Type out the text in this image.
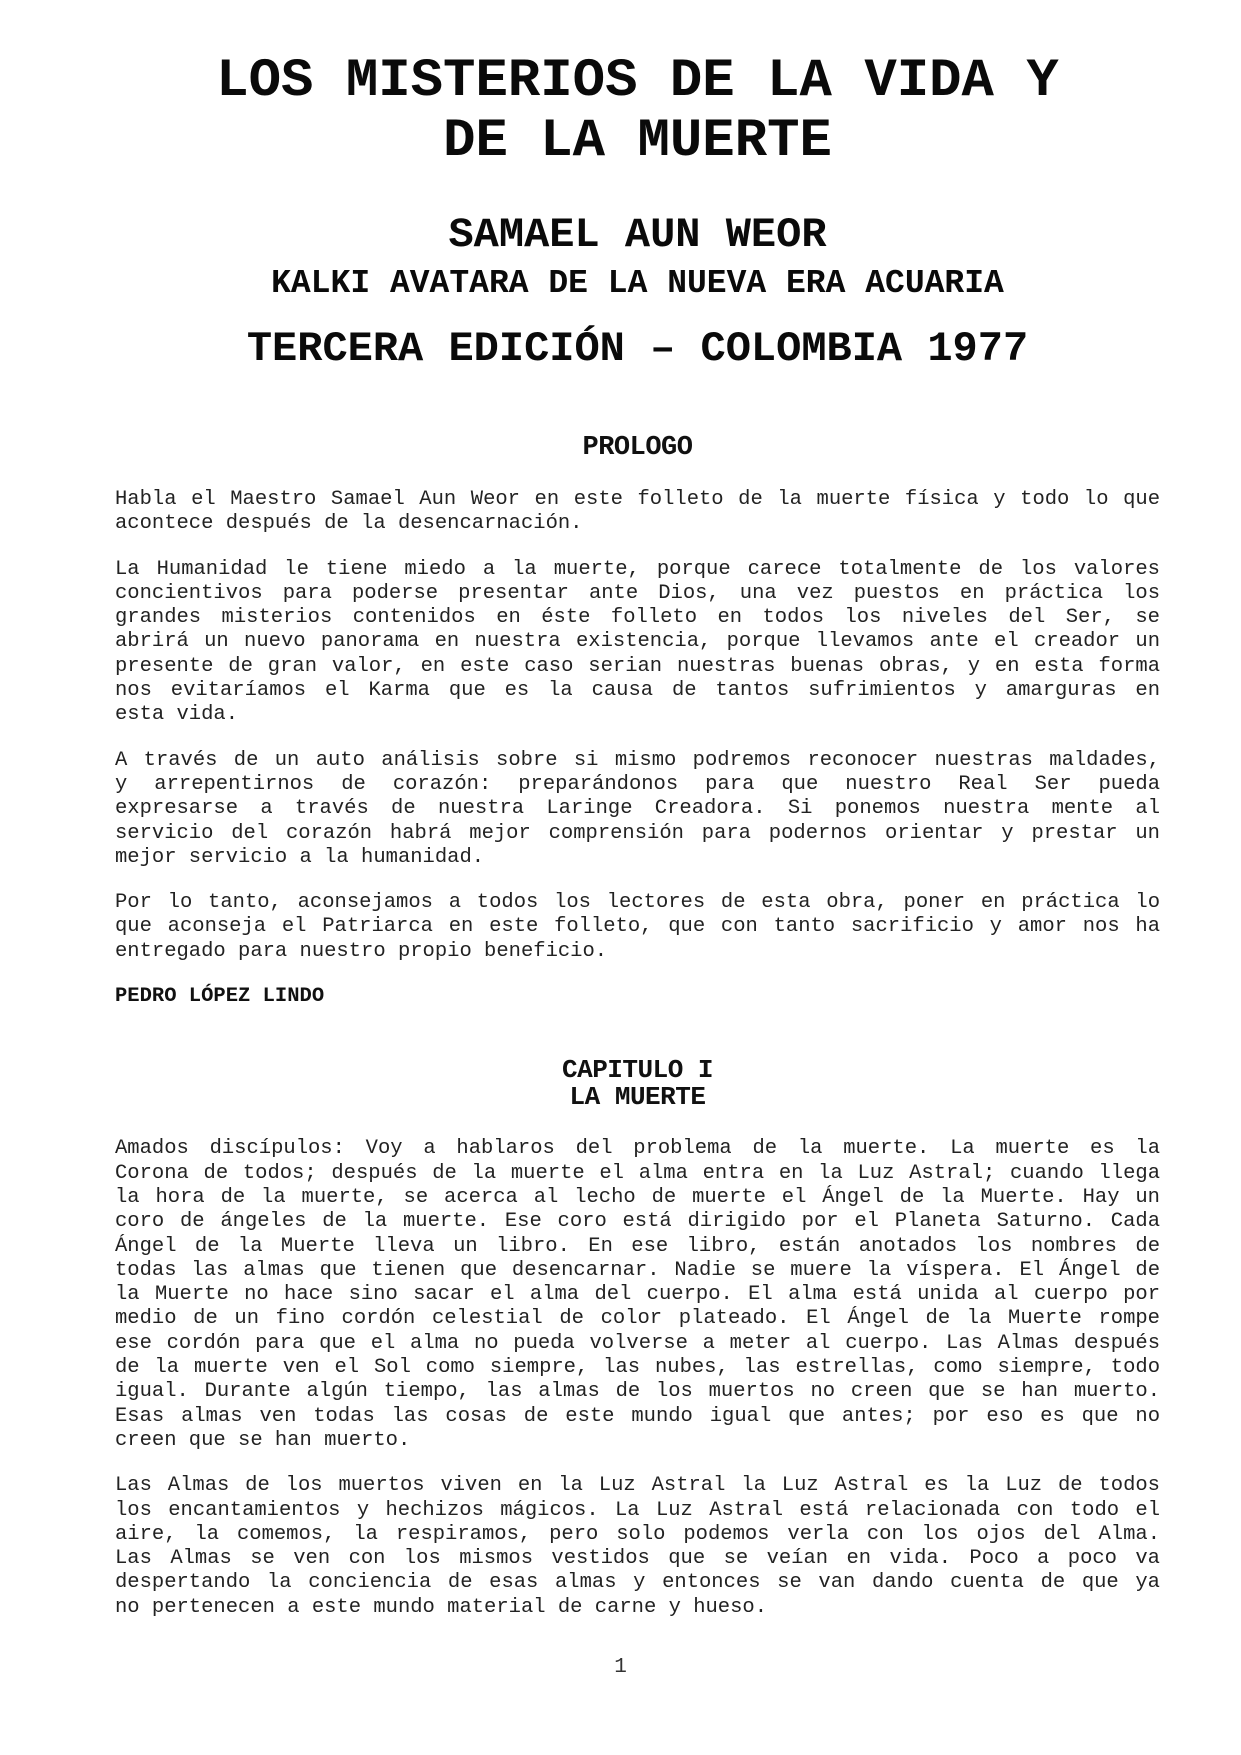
LOS MISTERIOS DE LA VIDA Y
DE LA MUERTE
SAMAEL AUN WEOR
KALKI AVATARA DE LA NUEVA ERA ACUARIA
TERCERA EDICIÓN – COLOMBIA 1977
PROLOGO
Habla el Maestro Samael Aun Weor en este folleto de la muerte física y todo lo que
acontece después de la desencarnación.
La Humanidad le tiene miedo a la muerte, porque carece totalmente de los valores
concientivos para poderse presentar ante Dios, una vez puestos en práctica los
grandes misterios contenidos en éste folleto en todos los niveles del Ser, se
abrirá un nuevo panorama en nuestra existencia, porque llevamos ante el creador un
presente de gran valor, en este caso serian nuestras buenas obras, y en esta forma
nos evitaríamos el Karma que es la causa de tantos sufrimientos y amarguras en
esta vida.
A través de un auto análisis sobre si mismo podremos reconocer nuestras maldades,
y arrepentirnos de corazón: preparándonos para que nuestro Real Ser pueda
expresarse a través de nuestra Laringe Creadora. Si ponemos nuestra mente al
servicio del corazón habrá mejor comprensión para podernos orientar y prestar un
mejor servicio a la humanidad.
Por lo tanto, aconsejamos a todos los lectores de esta obra, poner en práctica lo
que aconseja el Patriarca en este folleto, que con tanto sacrificio y amor nos ha
entregado para nuestro propio beneficio.
PEDRO LÓPEZ LINDO
CAPITULO I
LA MUERTE
Amados discípulos: Voy a hablaros del problema de la muerte. La muerte es la
Corona de todos; después de la muerte el alma entra en la Luz Astral; cuando llega
la hora de la muerte, se acerca al lecho de muerte el Ángel de la Muerte. Hay un
coro de ángeles de la muerte. Ese coro está dirigido por el Planeta Saturno. Cada
Ángel de la Muerte lleva un libro. En ese libro, están anotados los nombres de
todas las almas que tienen que desencarnar. Nadie se muere la víspera. El Ángel de
la Muerte no hace sino sacar el alma del cuerpo. El alma está unida al cuerpo por
medio de un fino cordón celestial de color plateado. El Ángel de la Muerte rompe
ese cordón para que el alma no pueda volverse a meter al cuerpo. Las Almas después
de la muerte ven el Sol como siempre, las nubes, las estrellas, como siempre, todo
igual. Durante algún tiempo, las almas de los muertos no creen que se han muerto.
Esas almas ven todas las cosas de este mundo igual que antes; por eso es que no
creen que se han muerto.
Las Almas de los muertos viven en la Luz Astral la Luz Astral es la Luz de todos
los encantamientos y hechizos mágicos. La Luz Astral está relacionada con todo el
aire, la comemos, la respiramos, pero solo podemos verla con los ojos del Alma.
Las Almas se ven con los mismos vestidos que se veían en vida. Poco a poco va
despertando la conciencia de esas almas y entonces se van dando cuenta de que ya
no pertenecen a este mundo material de carne y hueso.
1
